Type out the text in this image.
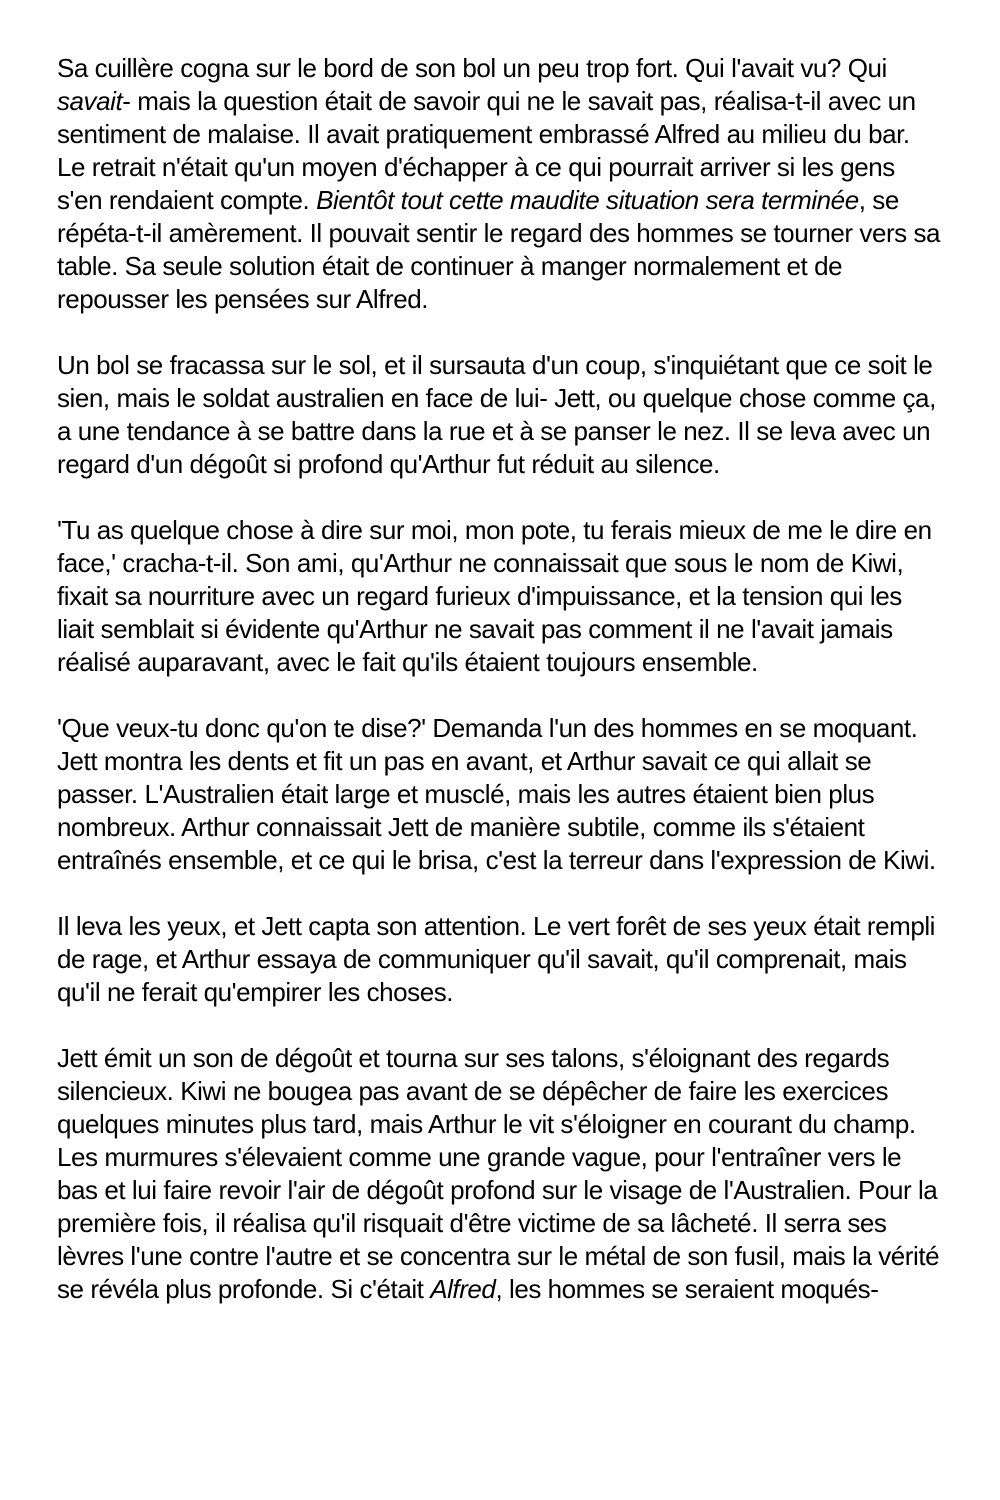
Sa cuillère cogna sur le bord de son bol un peu trop fort. Qui l'avait vu? Qui savait- mais la question était de savoir qui ne le savait pas, réalisa-t-il avec un sentiment de malaise. Il avait pratiquement embrassé Alfred au milieu du bar. Le retrait n'était qu'un moyen d'échapper à ce qui pourrait arriver si les gens s'en rendaient compte. Bientôt tout cette maudite situation sera terminée, se répéta-t-il amèrement. Il pouvait sentir le regard des hommes se tourner vers sa table. Sa seule solution était de continuer à manger normalement et de repousser les pensées sur Alfred.

Un bol se fracassa sur le sol, et il sursauta d'un coup, s'inquiétant que ce soit le sien, mais le soldat australien en face de lui- Jett, ou quelque chose comme ça, a une tendance à se battre dans la rue et à se panser le nez. Il se leva avec un regard d'un dégoût si profond qu'Arthur fut réduit au silence.

'Tu as quelque chose à dire sur moi, mon pote, tu ferais mieux de me le dire en face,' cracha-t-il. Son ami, qu'Arthur ne connaissait que sous le nom de Kiwi, fixait sa nourriture avec un regard furieux d'impuissance, et la tension qui les liait semblait si évidente qu'Arthur ne savait pas comment il ne l'avait jamais réalisé auparavant, avec le fait qu'ils étaient toujours ensemble.

'Que veux-tu donc qu'on te dise?' Demanda l'un des hommes en se moquant. Jett montra les dents et fit un pas en avant, et Arthur savait ce qui allait se passer. L'Australien était large et musclé, mais les autres étaient bien plus nombreux. Arthur connaissait Jett de manière subtile, comme ils s'étaient entraînés ensemble, et ce qui le brisa, c'est la terreur dans l'expression de Kiwi.

Il leva les yeux, et Jett capta son attention. Le vert forêt de ses yeux était rempli de rage, et Arthur essaya de communiquer qu'il savait, qu'il comprenait, mais qu'il ne ferait qu'empirer les choses.

Jett émit un son de dégoût et tourna sur ses talons, s'éloignant des regards silencieux. Kiwi ne bougea pas avant de se dépêcher de faire les exercices quelques minutes plus tard, mais Arthur le vit s'éloigner en courant du champ. Les murmures s'élevaient comme une grande vague, pour l'entraîner vers le bas et lui faire revoir l'air de dégoût profond sur le visage de l'Australien. Pour la première fois, il réalisa qu'il risquait d'être victime de sa lâcheté. Il serra ses lèvres l'une contre l'autre et se concentra sur le métal de son fusil, mais la vérité se révéla plus profonde. Si c'était Alfred, les hommes se seraient moqués-
